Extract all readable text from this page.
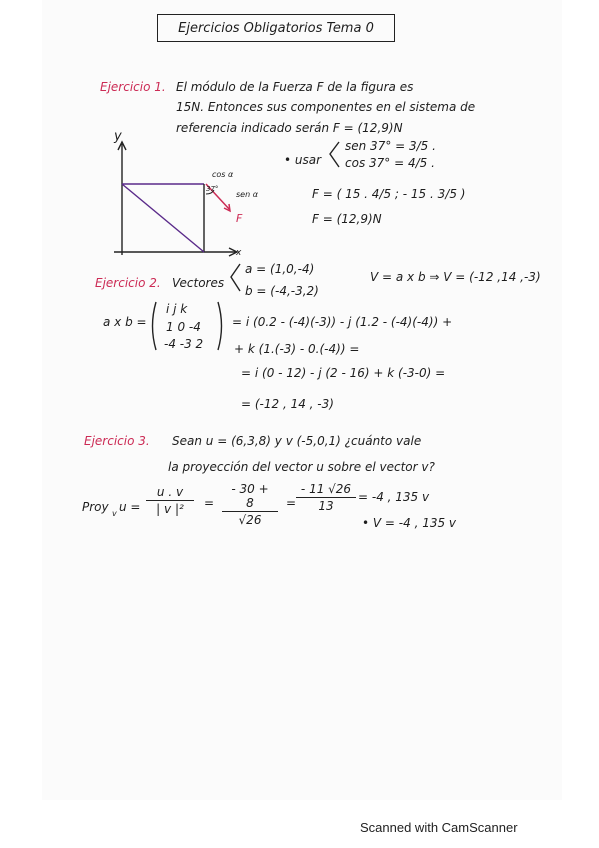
Ejercicios Obligatorios Tema 0
Ejercicio 1. El módulo de la Fuerza F de la figura es
15N. Entonces sus componentes en el sistema de
referencia indicado serán F = (12,9)N
• usar
sen 37° = 3/5 .
cos 37° = 4/5 .
F = ( 15 . 4/5 ; - 15 . 3/5 )
F = (12,9)N
y
x
cos α
37°
sen α
F
Ejercicio 2. Vectores
a = (1,0,-4)
b = (-4,-3,2)
V = a x b ⇒ V = (-12 ,14 ,-3)
a x b =
i j k
1 0 -4
-4 -3 2
= i (0.2 - (-4)(-3)) - j (1.2 - (-4)(-4)) +
+ k (1.(-3) - 0.(-4)) =
= i (0 - 12) - j (2 - 16) + k (-3-0) =
= (-12 , 14 , -3)
Ejercicio 3. Sean u = (6,3,8) y v (-5,0,1) ¿cuánto vale
la proyección del vector u sobre el vector v?
Proy v $u = \frac{u . v}{\text{| v |²}} = \frac{- 30 + 8}{√26} = \frac{- 11 √26}{13} = -4$ , 135 v
• V = -4 , 135 v
Scanned with CamScanner
